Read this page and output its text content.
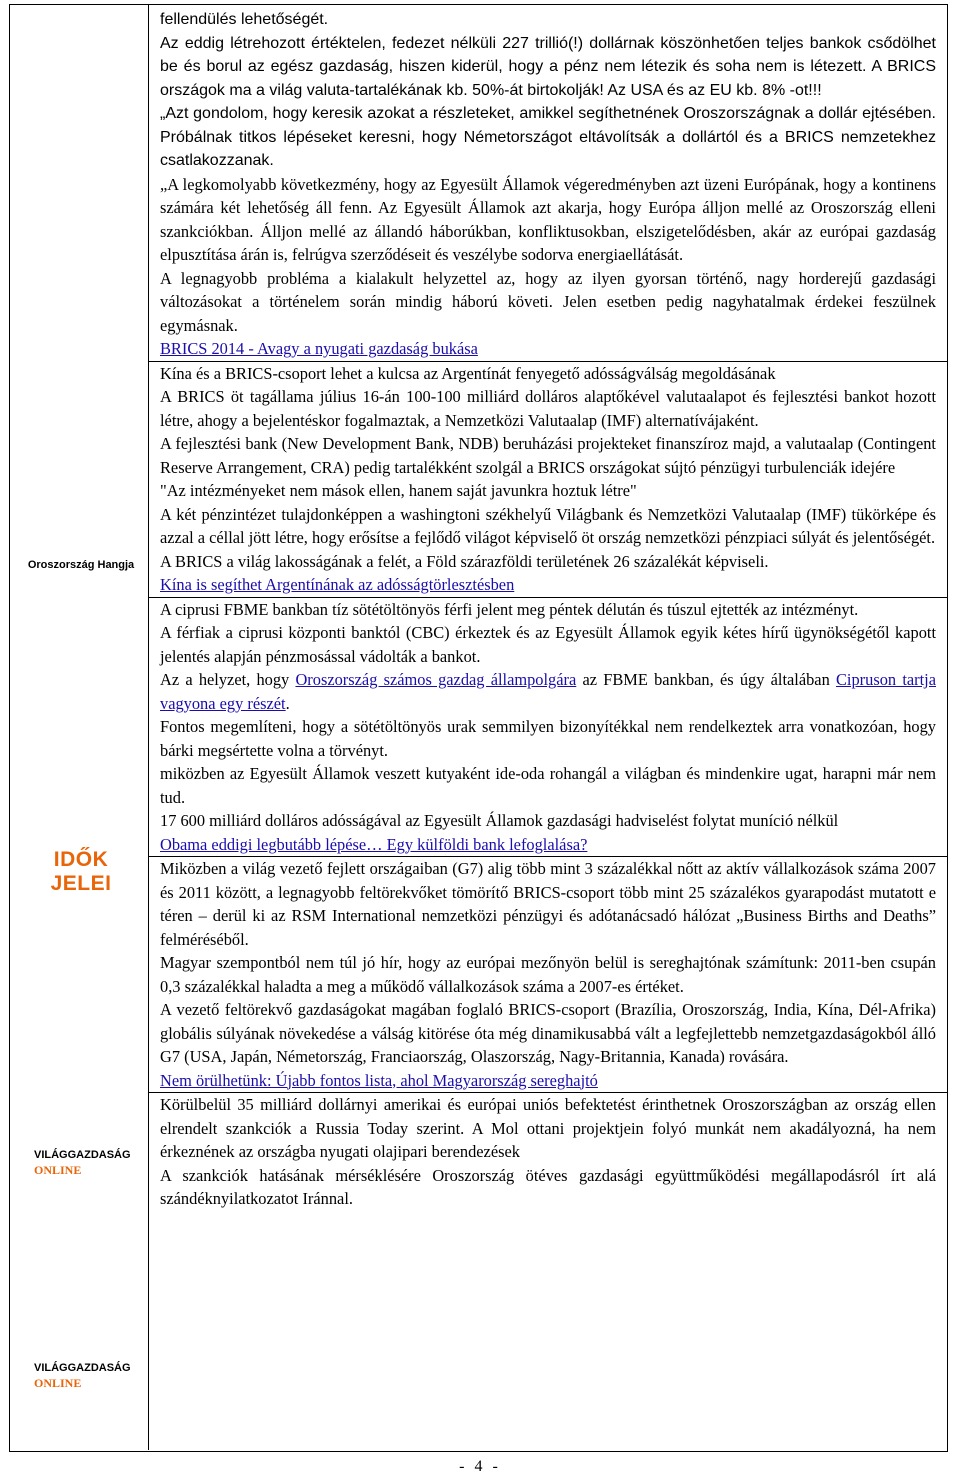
Oroszország Hangja
IDŐK JELEI
VILÁGGAZDASÁG
ONLINE
VILÁGGAZDASÁG
ONLINE

fellendülés lehetőségét.

Az eddig létrehozott értéktelen, fedezet nélküli 227 trillió(!) dollárnak köszönhetően teljes bankok csődölhet be és borul az egész gazdaság, hiszen kiderül, hogy a pénz nem létezik és soha nem is létezett. A BRICS országok ma a világ valuta-tartalékának kb. 50%-át birtokolják! Az USA és az EU kb. 8% -ot!!!

„Azt gondolom, hogy keresik azokat a részleteket, amikkel segíthetnének Oroszországnak a dollár ejtésében. Próbálnak titkos lépéseket keresni, hogy Németországot eltávolítsák a dollártól és a BRICS nemzetekhez csatlakozzanak.

„A legkomolyabb következmény, hogy az Egyesült Államok végeredményben azt üzeni Európának, hogy a kontinens számára két lehetőség áll fenn. Az Egyesült Államok azt akarja, hogy Európa álljon mellé az Oroszország elleni szankciókban. Álljon mellé az állandó háborúkban, konfliktusokban, elszigetelődésben, akár az európai gazdaság elpusztítása árán is, felrúgva szerződéseit és veszélybe sodorva energiaellátását.

A legnagyobb probléma a kialakult helyzettel az, hogy az ilyen gyorsan történő, nagy horderejű gazdasági változásokat a történelem során mindig háború követi. Jelen esetben pedig nagyhatalmak érdekei feszülnek egymásnak.

BRICS 2014 - Avagy a nyugati gazdaság bukása

Kína és a BRICS-csoport lehet a kulcsa az Argentínát fenyegető adósságválság megoldásának

A BRICS öt tagállama július 16-án 100-100 milliárd dolláros alaptőkével valutaalapot és fejlesztési bankot hozott létre, ahogy a bejelentéskor fogalmaztak, a Nemzetközi Valutaalap (IMF) alternatívájaként.

A fejlesztési bank (New Development Bank, NDB) beruházási projekteket finanszíroz majd, a valutaalap (Contingent Reserve Arrangement, CRA) pedig tartalékként szolgál a BRICS országokat sújtó pénzügyi turbulenciák idejére

"Az intézményeket nem mások ellen, hanem saját javunkra hoztuk létre"

A két pénzintézet tulajdonképpen a washingtoni székhelyű Világbank és Nemzetközi Valutaalap (IMF) tükörképe és azzal a céllal jött létre, hogy erősítse a fejlődő világot képviselő öt ország nemzetközi pénzpiaci súlyát és jelentőségét.

A BRICS a világ lakosságának a felét, a Föld szárazföldi területének 26 százalékát képviseli.

Kína is segíthet Argentínának az adósságtörlesztésben

A ciprusi FBME bankban tíz sötétöltönyös férfi jelent meg péntek délután és túszul ejtették az intézményt.

A férfiak a ciprusi központi banktól (CBC) érkeztek és az Egyesült Államok egyik kétes hírű ügynökségétől kapott jelentés alapján pénzmosással vádolták a bankot.

Az a helyzet, hogy Oroszország számos gazdag állampolgára az FBME bankban, és úgy általában Cipruson tartja vagyona egy részét.

Fontos megemlíteni, hogy a sötétöltönyös urak semmilyen bizonyítékkal nem rendelkeztek arra vonatkozóan, hogy bárki megsértette volna a törvényt.

miközben az Egyesült Államok veszett kutyaként ide-oda rohangál a világban és mindenkire ugat, harapni már nem tud.

17 600 milliárd dolláros adósságával az Egyesült Államok gazdasági hadviselést folytat muníció nélkül

Obama eddigi legbutább lépése… Egy külföldi bank lefoglalása?

Miközben a világ vezető fejlett országaiban (G7) alig több mint 3 százalékkal nőtt az aktív vállalkozások száma 2007 és 2011 között, a legnagyobb feltörekvőket tömörítő BRICS-csoport több mint 25 százalékos gyarapodást mutatott e téren – derül ki az RSM International nemzetközi pénzügyi és adótanácsadó hálózat „Business Births and Deaths” felméréséből.

Magyar szempontból nem túl jó hír, hogy az európai mezőnyön belül is sereghajtónak számítunk: 2011-ben csupán 0,3 százalékkal haladta a meg a működő vállalkozások száma a 2007-es értéket.

A vezető feltörekvő gazdaságokat magában foglaló BRICS-csoport (Brazília, Oroszország, India, Kína, Dél-Afrika) globális súlyának növekedése a válság kitörése óta még dinamikusabbá vált a legfejlettebb nemzetgazdaságokból álló G7 (USA, Japán, Németország, Franciaország, Olaszország, Nagy-Britannia, Kanada) rovására.

Nem örülhetünk: Újabb fontos lista, ahol Magyarország sereghajtó

Körülbelül 35 milliárd dollárnyi amerikai és európai uniós befektetést érinthetnek Oroszországban az ország ellen elrendelt szankciók a Russia Today szerint. A Mol ottani projektjein folyó munkát nem akadályozná, ha nem érkeznének az országba nyugati olajipari berendezések

A szankciók hatásának mérséklésére Oroszország ötéves gazdasági együttműködési megállapodásról írt alá szándéknyilatkozatot Iránnal.

- 4 -
